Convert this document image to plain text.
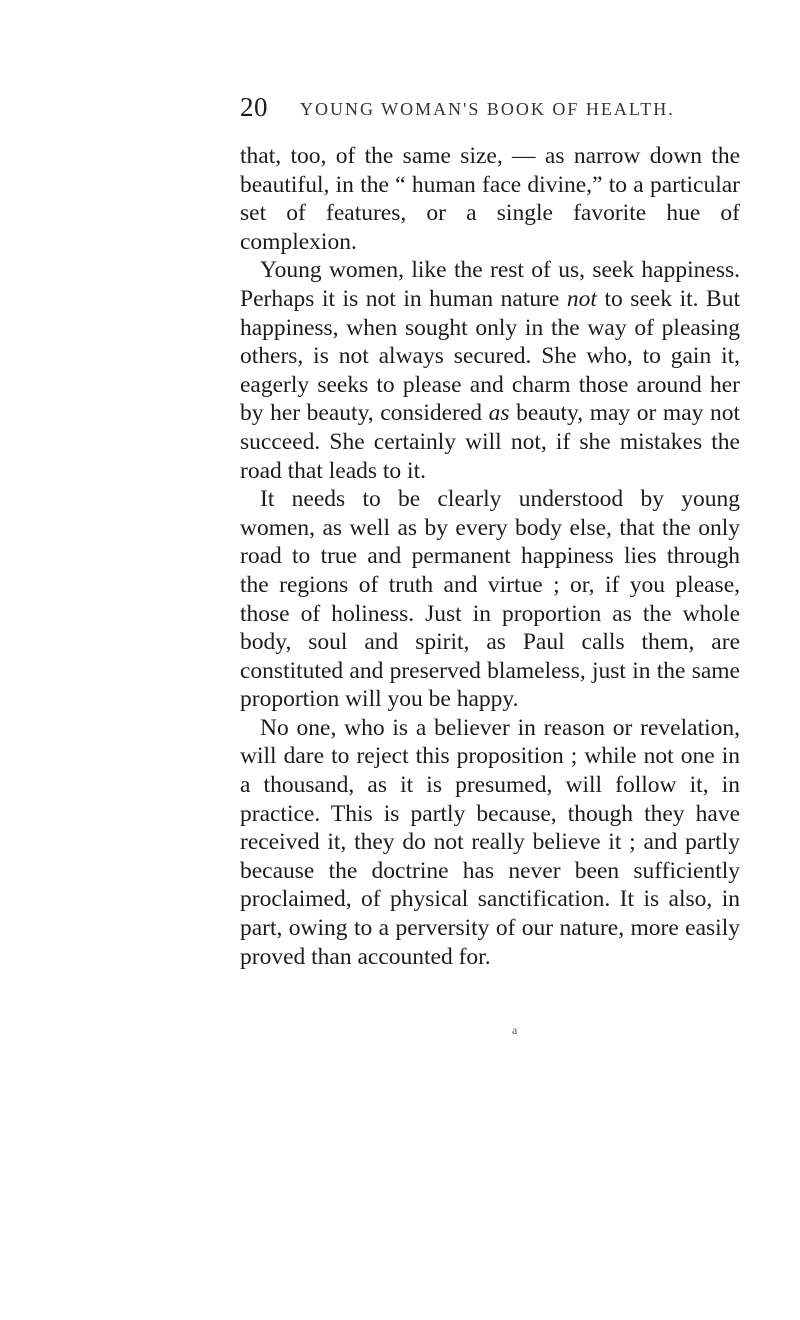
20 YOUNG WOMAN'S BOOK OF HEALTH.

that, too, of the same size, — as narrow down the beautiful, in the “ human face divine,” to a particular set of features, or a single favorite hue of complexion.

Young women, like the rest of us, seek happiness. Perhaps it is not in human nature not to seek it. But happiness, when sought only in the way of pleasing others, is not always secured. She who, to gain it, eagerly seeks to please and charm those around her by her beauty, considered as beauty, may or may not succeed. She certainly will not, if she mistakes the road that leads to it.

It needs to be clearly understood by young women, as well as by every body else, that the only road to true and permanent happiness lies through the regions of truth and virtue ; or, if you please, those of holiness. Just in proportion as the whole body, soul and spirit, as Paul calls them, are constituted and preserved blameless, just in the same proportion will you be happy.

No one, who is a believer in reason or revelation, will dare to reject this proposition ; while not one in a thousand, as it is presumed, will follow it, in practice. This is partly because, though they have received it, they do not really believe it ; and partly because the doctrine has never been sufficiently proclaimed, of physical sanctification. It is also, in part, owing to a perversity of our nature, more easily proved than accounted for.

a
